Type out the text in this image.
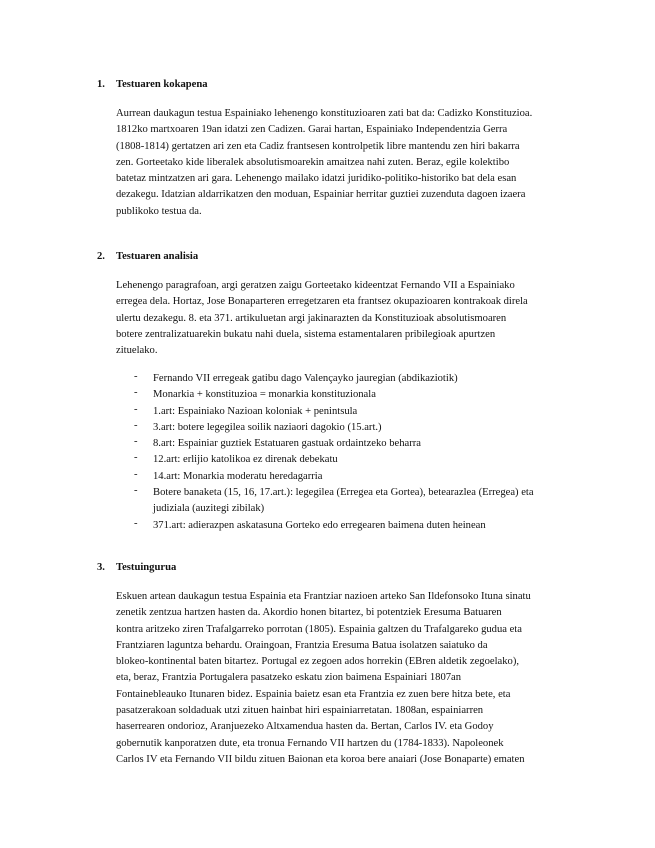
1. Testuaren kokapena
Aurrean daukagun testua Espainiako lehenengo konstituzioaren zati bat da: Cadizko Konstituzioa.
1812ko martxoaren 19an idatzi zen Cadizen. Garai hartan, Espainiako Independentzia Gerra
(1808-1814) gertatzen ari zen eta Cadiz frantsesen kontrolpetik libre mantendu zen hiri bakarra
zen. Gorteetako kide liberalek absolutismoarekin amaitzea nahi zuten. Beraz, egile kolektibo
batetaz mintzatzen ari gara. Lehenengo mailako idatzi juridiko-politiko-historiko bat dela esan
dezakegu. Idatzian aldarrikatzen den moduan, Espainiar herritar guztiei zuzenduta dagoen izaera
publikoko testua da.
2. Testuaren analisia
Lehenengo paragrafoan, argi geratzen zaigu Gorteetako kideentzat Fernando VII a Espainiako
erregea dela. Hortaz, Jose Bonaparteren erregetzaren eta frantsez okupazioaren kontrakoak direla
ulertu dezakegu. 8. eta 371. artikuluetan argi jakinarazten da Konstituzioak absolutismoaren
botere zentralizatuarekin bukatu nahi duela, sistema estamentalaren pribilegioak apurtzen
zituelako.
- Fernando VII erregeak gatibu dago Valençayko jauregian (abdikaziotik)
- Monarkia + konstituzioa = monarkia konstituzionala
- 1.art: Espainiako Nazioan koloniak + penintsula
- 3.art: botere legegilea soilik naziaori dagokio (15.art.)
- 8.art: Espainiar guztiek Estatuaren gastuak ordaintzeko beharra
- 12.art: erlijio katolikoa ez direnak debekatu
- 14.art: Monarkia moderatu heredagarria
- Botere banaketa (15, 16, 17.art.): legegilea (Erregea eta Gortea), betearazlea (Erregea) eta
judiziala (auzitegi zibilak)
- 371.art: adierazpen askatasuna Gorteko edo erregearen baimena duten heinean
3. Testuingurua
Eskuen artean daukagun testua Espainia eta Frantziar nazioen arteko San Ildefonsoko Ituna sinatu
zenetik zentzua hartzen hasten da. Akordio honen bitartez, bi potentziek Eresuma Batuaren
kontra aritzeko ziren Trafalgarreko porrotan (1805). Espainia galtzen du Trafalgareko gudua eta
Frantziaren laguntza behardu. Oraingoan, Frantzia Eresuma Batua isolatzen saiatuko da
blokeo-kontinental baten bitartez. Portugal ez zegoen ados horrekin (EBren aldetik zegoelako),
eta, beraz, Frantzia Portugalera pasatzeko eskatu zion baimena Espainiari 1807an
Fontainebleauko Itunaren bidez. Espainia baietz esan eta Frantzia ez zuen bere hitza bete, eta
pasatzerakoan soldaduak utzi zituen hainbat hiri espainiarretatan. 1808an, espainiarren
haserrearen ondorioz, Aranjuezeko Altxamendua hasten da. Bertan, Carlos IV. eta Godoy
gobernutik kanporatzen dute, eta tronua Fernando VII hartzen du (1784-1833). Napoleonek
Carlos IV eta Fernando VII bildu zituen Baionan eta koroa bere anaiari (Jose Bonaparte) ematen
